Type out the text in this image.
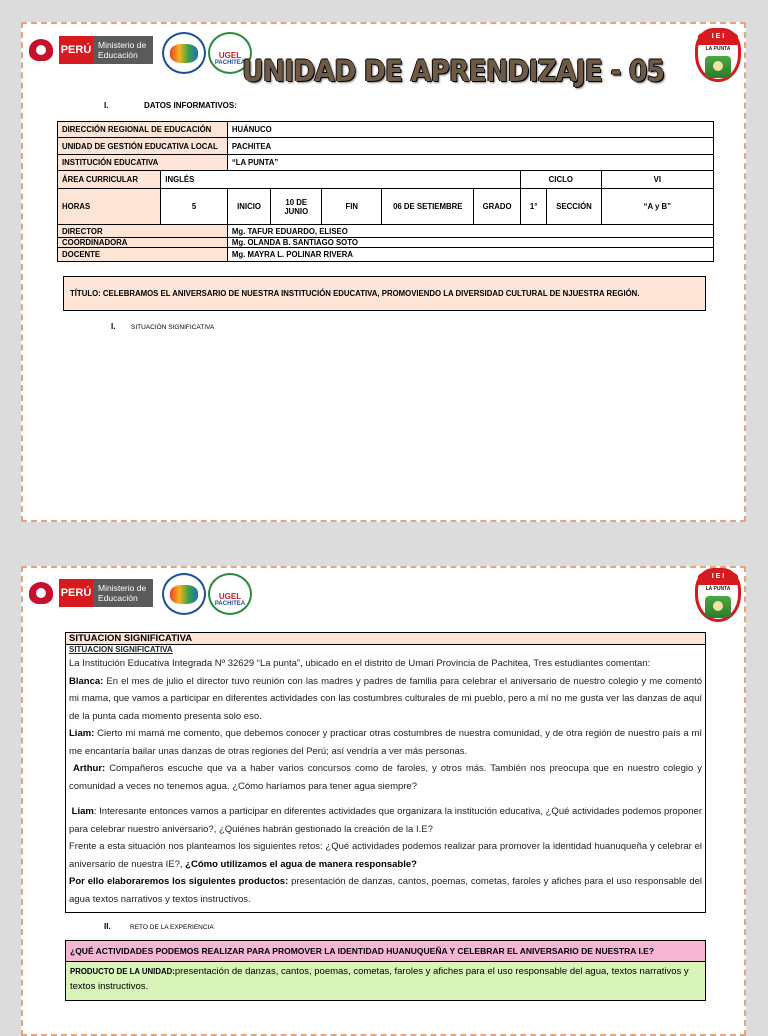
PERÚ Ministerio de Educación	UGEL
PACHITEA
UNIDAD DE APRENDIZAJE - 05
I E I
LA PUNTA
I.	DATOS INFORMATIVOS:
DIRECCIÓN REGIONAL DE EDUCACIÓN		HUÁNUCO							
UNIDAD DE GESTIÓN EDUCATIVA LOCAL		PACHITEA							
INSTITUCIÓN EDUCATIVA		“LA PUNTA”							
ÁREA CURRICULAR	INGLÉS						CICLO		VI
HORAS	5	INICIO	10 DE JUNIO	FIN	06 DE SETIEMBRE	GRADO	1°	SECCIÓN	“A y B”
DIRECTOR		Mg. TAFUR EDUARDO, ELISEO							
COORDINADORA		Mg. OLANDA B. SANTIAGO SOTO							
DOCENTE		Mg. MAYRA L. POLINAR RIVERA							
TÍTULO: CELEBRAMOS EL ANIVERSARIO DE NUESTRA INSTITUCIÓN EDUCATIVA, PROMOVIENDO LA DIVERSIDAD CULTURAL DE NJUESTRA REGIÓN.
I. SITUACIÓN SIGNIFICATIVA
PERÚ Ministerio de Educación	UGEL
PACHITEA
I E I
LA PUNTA
SITUACION SIGNIFICATIVA
SITUACION SIGNIFICATIVA

La Institución Educativa Integrada Nº 32629 “La punta”, ubicado en el distrito de Umari Provincia de Pachitea, Tres estudiantes comentan:

Blanca: En el mes de julio el director tuvo reunión con las madres y padres de familia para celebrar el aniversario de nuestro colegio y me comentó mi mama, que vamos a participar en diferentes actividades con las costumbres culturales de mi pueblo, pero a mí no me gusta ver las danzas de aquí de la punta cada momento presenta solo eso.

Liam: Cierto mi mamá me comento, que debemos conocer y practicar otras costumbres de nuestra comunidad, y de otra región de nuestro país a mí me encantaría bailar unas danzas de otras regiones del Perú; así vendría a ver más personas.

Arthur: Compañeros escuche que va a haber varios concursos como de faroles, y otros más. También nos preocupa que en nuestro colegio y comunidad a veces no tenemos agua. ¿Cómo haríamos para tener agua siempre?

Liam: Interesante entonces vamos a participar en diferentes actividades que organizara la institución educativa, ¿Qué actividades podemos proponer para celebrar nuestro aniversario?, ¿Quiénes habrán gestionado la creación de la I.E?

Frente a esta situación nos planteamos los siguientes retos: ¿Qué actividades podemos realizar para promover la identidad huanuqueña y celebrar el aniversario de nuestra IE?, ¿Cómo utilizamos el agua de manera responsable?

Por ello elaboraremos los siguientes productos: presentación de danzas, cantos, poemas, cometas, faroles y afiches para el uso responsable del agua textos narrativos y textos instructivos.

II.	RETO DE LA EXPERIENCIA
¿QUÉ ACTIVIDADES PODEMOS REALIZAR PARA PROMOVER LA IDENTIDAD HUANUQUEÑA Y CELEBRAR EL ANIVERSARIO DE NUESTRA I.E?
PRODUCTO DE LA UNIDAD:presentación de danzas, cantos, poemas, cometas, faroles y afiches para el uso responsable del agua, textos narrativos y textos instructivos.
